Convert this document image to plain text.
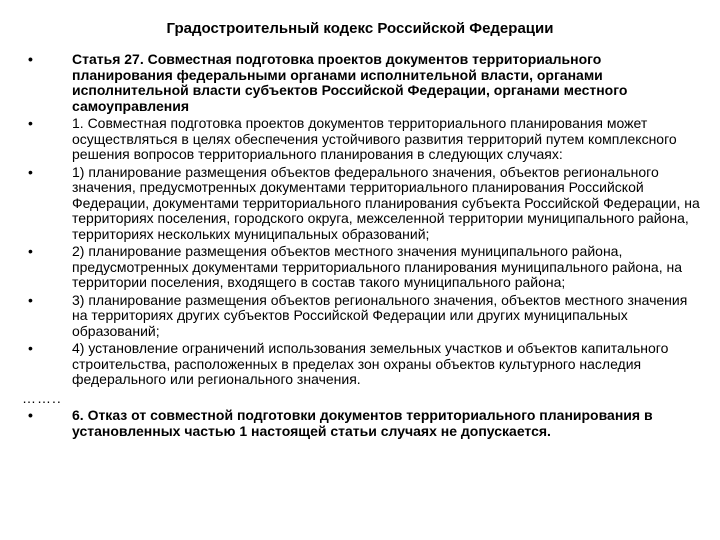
Градостроительный кодекс Российской Федерации
•	Статья 27. Совместная подготовка проектов документов территориального планирования федеральными органами исполнительной власти, органами исполнительной власти субъектов Российской Федерации, органами местного самоуправления
•	1. Совместная подготовка проектов документов территориального планирования может осуществляться в целях обеспечения устойчивого развития территорий путем комплексного решения вопросов территориального планирования в следующих случаях:
•	1) планирование размещения объектов федерального значения, объектов регионального значения, предусмотренных документами территориального планирования Российской Федерации, документами территориального планирования субъекта Российской Федерации, на территориях поселения, городского округа, межселенной территории муниципального района, территориях нескольких муниципальных образований;
•	2) планирование размещения объектов местного значения муниципального района, предусмотренных документами территориального планирования муниципального района, на территории поселения, входящего в состав такого муниципального района;
•	3) планирование размещения объектов регионального значения, объектов местного значения на территориях других субъектов Российской Федерации или других муниципальных образований;
•	4) установление ограничений использования земельных участков и объектов капитального строительства, расположенных в пределах зон охраны объектов культурного наследия федерального или регионального значения.
……..
•	6. Отказ от совместной подготовки документов территориального планирования в установленных частью 1 настоящей статьи случаях не допускается.
